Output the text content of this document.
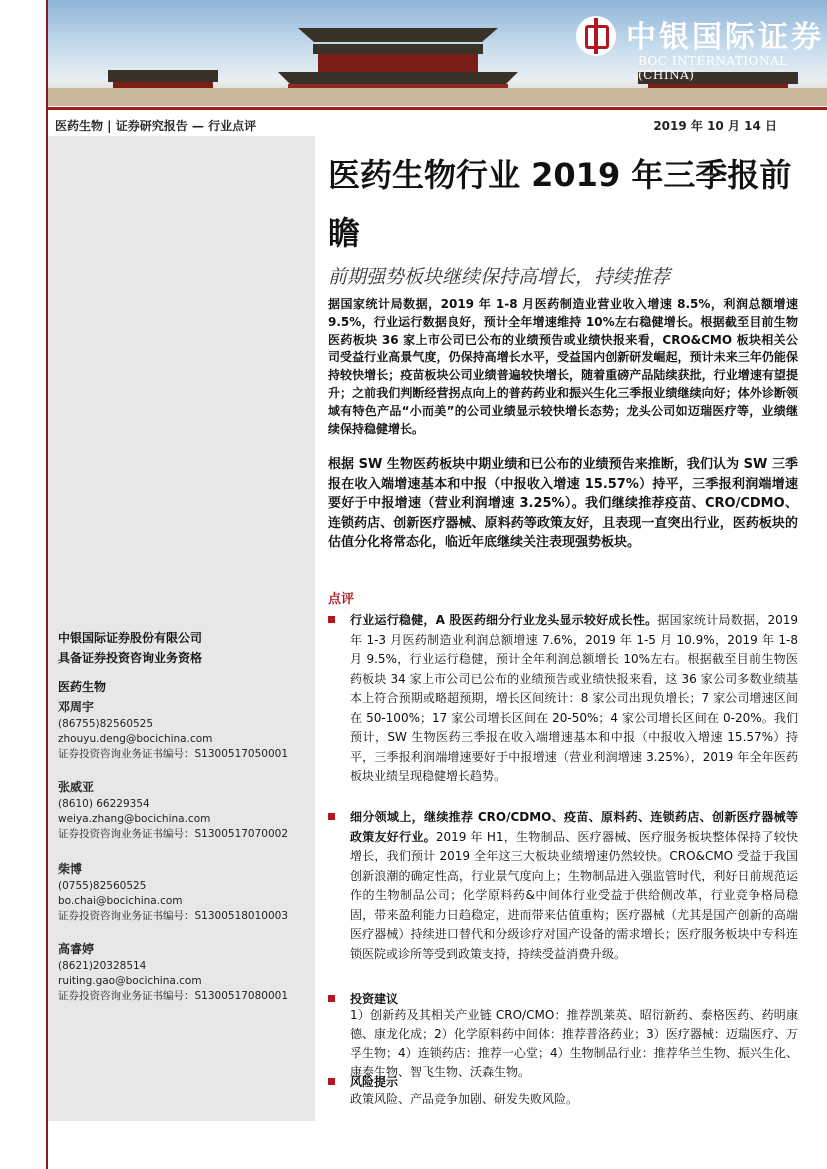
中银国际证券
BOC INTERNATIONAL (CHINA)
医药生物 | 证券研究报告 — 行业点评	2019 年 10 月 14 日
医药生物行业 2019 年三季报前瞻
前期强势板块继续保持高增长，持续推荐
据国家统计局数据，2019 年 1-8 月医药制造业营业收入增速 8.5%，利润总额增速 9.5%，行业运行数据良好，预计全年增速维持 10%左右稳健增长。根据截至目前生物医药板块 36 家上市公司已公布的业绩预告或业绩快报来看，CRO&CMO 板块相关公司受益行业高景气度，仍保持高增长水平，受益国内创新研发崛起，预计未来三年仍能保持较快增长；疫苗板块公司业绩普遍较快增长，随着重磅产品陆续获批，行业增速有望提升；之前我们判断经营拐点向上的普药药业和振兴生化三季报业绩继续向好；体外诊断领域有特色产品“小而美”的公司业绩显示较快增长态势；龙头公司如迈瑞医疗等，业绩继续保持稳健增长。
根据 SW 生物医药板块中期业绩和已公布的业绩预告来推断，我们认为 SW 三季报在收入端增速基本和中报（中报收入增速 15.57%）持平，三季报利润端增速要好于中报增速（营业利润增速 3.25%）。我们继续推荐疫苗、CRO/CDMO、连锁药店、创新医疗器械、原料药等政策友好，且表现一直突出行业，医药板块的估值分化将常态化，临近年底继续关注表现强势板块。
点评
行业运行稳健，A 股医药细分行业龙头显示较好成长性。据国家统计局数据，2019 年 1-3 月医药制造业利润总额增速 7.6%，2019 年 1-5 月 10.9%，2019 年 1-8 月 9.5%，行业运行稳健，预计全年利润总额增长 10%左右。根据截至目前生物医药板块 34 家上市公司已公布的业绩预告或业绩快报来看，这 36 家公司多数业绩基本上符合预期或略超预期，增长区间统计：8 家公司出现负增长；7 家公司增速区间在 50-100%；17 家公司增长区间在 20-50%；4 家公司增长区间在 0-20%。我们预计，SW 生物医药三季报在收入端增速基本和中报（中报收入增速 15.57%）持平，三季报利润端增速要好于中报增速（营业利润增速 3.25%），2019 年全年医药板块业绩呈现稳健增长趋势。
细分领域上，继续推荐 CRO/CDMO、疫苗、原料药、连锁药店、创新医疗器械等政策友好行业。2019 年 H1，生物制品、医疗器械、医疗服务板块整体保持了较快增长，我们预计 2019 全年这三大板块业绩增速仍然较快。CRO&CMO 受益于我国创新浪潮的确定性高，行业景气度向上；生物制品进入强监管时代，利好日前规范运作的生物制品公司；化学原料药&中间体行业受益于供给侧改革，行业竞争格局稳固，带来盈利能力日趋稳定，进而带来估值重构；医疗器械（尤其是国产创新的高端医疗器械）持续进口替代和分级诊疗对国产设备的需求增长；医疗服务板块中专科连锁医院或诊所等受到政策支持，持续受益消费升级。
投资建议
1）创新药及其相关产业链 CRO/CMO：推荐凯莱英、昭衍新药、泰格医药、药明康德、康龙化成；2）化学原料药中间体：推荐普洛药业；3）医疗器械：迈瑞医疗、万孚生物；4）连锁药店：推荐一心堂；4）生物制品行业：推荐华兰生物、振兴生化、康泰生物、智飞生物、沃森生物。
风险提示
政策风险、产品竞争加剧、研发失败风险。
中银国际证券股份有限公司
具备证券投资咨询业务资格
医药生物
邓周宇
(8675​5)82560525
zhouyu.deng@bocichina.com
证券投资咨询业务证书编号：S1300517050001
张威亚
(8610) 66229354
weiya.zhang@bocichina.com
证券投资咨询业务证书编号：S1300517070002
柴博
(0755)82560525
bo.chai@bocichina.com
证券投资咨询业务证书编号：S1300518010003
高睿婷
(8621)20328514
ruiting.gao@bocichina.com
证券投资咨询业务证书编号：S1300517080001
